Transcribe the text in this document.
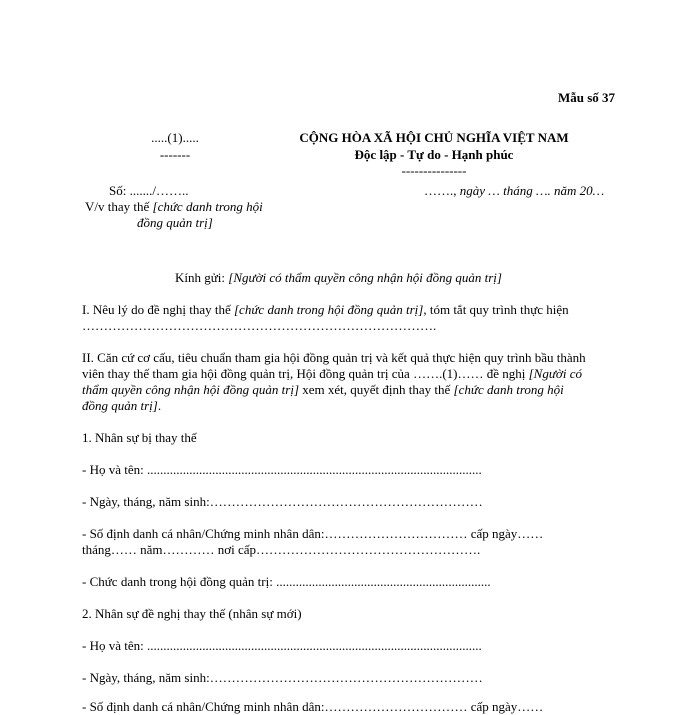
Mẫu số 37
.....(1).....
-------
Số: ......./……..
V/v thay thế [chức danh trong hội
đồng quản trị]
CỘNG HÒA XÃ HỘI CHỦ NGHĨA VIỆT NAM
Độc lập - Tự do - Hạnh phúc
---------------
……., ngày … tháng …. năm 20…
Kính gửi: [Người có thẩm quyền công nhận hội đồng quản trị]
I. Nêu lý do đề nghị thay thế [chức danh trong hội đồng quản trị], tóm tắt quy trình thực hiện
……………………………………………………………………….
II. Căn cứ cơ cấu, tiêu chuẩn tham gia hội đồng quản trị và kết quả thực hiện quy trình bầu thành
viên thay thế tham gia hội đồng quản trị, Hội đồng quản trị của …….(1)…… đề nghị [Người có
thẩm quyền công nhận hội đồng quản trị] xem xét, quyết định thay thế [chức danh trong hội
đồng quản trị].
1. Nhân sự bị thay thế
- Họ và tên: .......................................................................................................
- Ngày, tháng, năm sinh:………………………………………………………
- Số định danh cá nhân/Chứng minh nhân dân:…………………………… cấp ngày……
tháng…… năm………… nơi cấp…………………………………………….
- Chức danh trong hội đồng quản trị: ..................................................................
2. Nhân sự đề nghị thay thế (nhân sự mới)
- Họ và tên: .......................................................................................................
- Ngày, tháng, năm sinh:………………………………………………………
- Số định danh cá nhân/Chứng minh nhân dân:…………………………… cấp ngày……
